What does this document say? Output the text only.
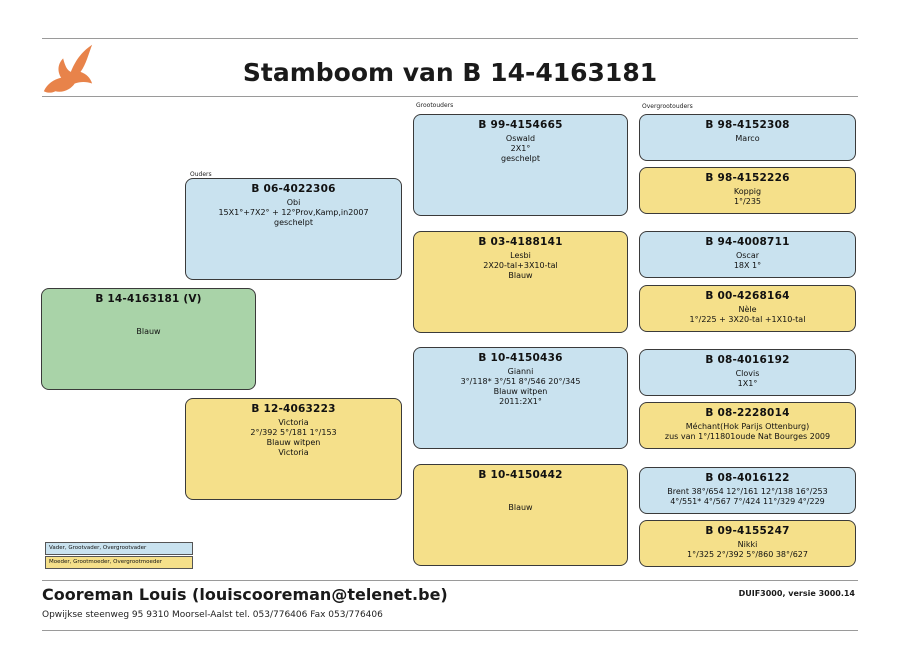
Stamboom van B 14-4163181
Ouders
Grootouders	Overgrootouders
B 14-4163181 (V)
Blauw
B 06-4022306
Obi
15X1°+7X2° + 12°Prov,Kamp,in2007
geschelpt
B 12-4063223
Victoria
2°/392 5°/181 1°/153
Blauw witpen
Victoria
B 99-4154665
Oswald
2X1°
geschelpt
B 03-4188141
Lesbi
2X20-tal+3X10-tal
Blauw
B 10-4150436
Gianni
3°/118* 3°/51 8°/546 20°/345
Blauw witpen
2011:2X1°
B 10-4150442
Blauw
B 98-4152308
Marco
B 98-4152226
Koppig
1°/235
B 94-4008711
Oscar
18X 1°
B 00-4268164
Nèle
1°/225 + 3X20-tal +1X10-tal
B 08-4016192
Clovis
1X1°
B 08-2228014
Méchant(Hok Parijs Ottenburg)
zus van 1°/11801oude Nat Bourges 2009
B 08-4016122
Brent 38°/654 12°/161 12°/138 16°/253
4°/551* 4°/567 7°/424 11°/329 4°/229
B 09-4155247
Nikki
1°/325 2°/392 5°/860 38°/627
Vader, Grootvader, Overgrootvader
Moeder, Grootmoeder, Overgrootmoeder
Cooreman Louis (louiscooreman@telenet.be)	DUIF3000, versie 3000.14
Opwijkse steenweg 95 9310 Moorsel-Aalst tel. 053/776406 Fax 053/776406
